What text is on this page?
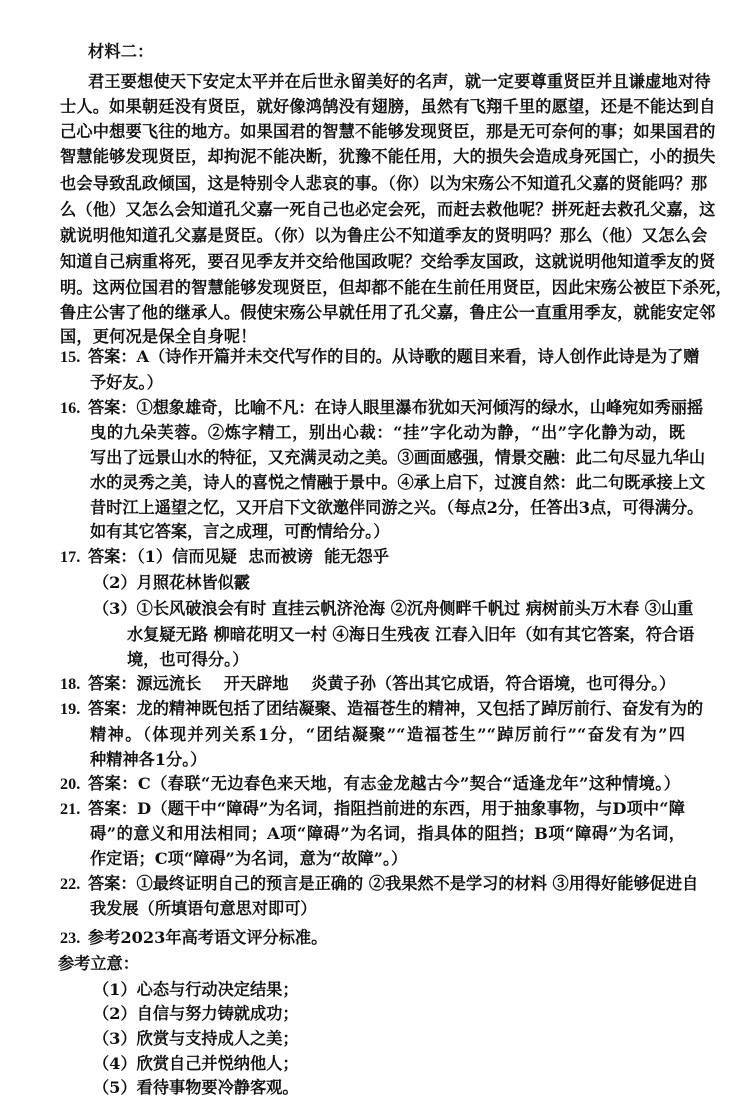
材料二：
君王要想使天下安定太平并在后世永留美好的名声，就一定要尊重贤臣并且谦虚地对待
士人。如果朝廷没有贤臣，就好像鸿鹄没有翅膀，虽然有飞翔千里的愿望，还是不能达到自
己心中想要飞往的地方。如果国君的智慧不能够发现贤臣，那是无可奈何的事；如果国君的
智慧能够发现贤臣，却拘泥不能决断，犹豫不能任用，大的损失会造成身死国亡，小的损失
也会导致乱政倾国，这是特别令人悲哀的事。（你）以为宋殇公不知道孔父嘉的贤能吗？那
么（他）又怎么会知道孔父嘉一死自己也必定会死，而赶去救他呢？拼死赶去救孔父嘉，这
就说明他知道孔父嘉是贤臣。（你）以为鲁庄公不知道季友的贤明吗？那么（他）又怎么会
知道自己病重将死，要召见季友并交给他国政呢？交给季友国政，这就说明他知道季友的贤
明。这两位国君的智慧能够发现贤臣，但却都不能在生前任用贤臣，因此宋殇公被臣下杀死，
鲁庄公害了他的继承人。假使宋殇公早就任用了孔父嘉，鲁庄公一直重用季友，就能安定邻
国，更何况是保全自身呢！
15. 答案：A（诗作开篇并未交代写作的目的。从诗歌的题目来看，诗人创作此诗是为了赠
予好友。）
16. 答案：①想象雄奇，比喻不凡：在诗人眼里瀑布犹如天河倾泻的绿水，山峰宛如秀丽摇
曳的九朵芙蓉。②炼字精工，别出心裁：“挂”字化动为静，“出”字化静为动，既
写出了远景山水的特征，又充满灵动之美。③画面感强，情景交融：此二句尽显九华山
水的灵秀之美，诗人的喜悦之情融于景中。④承上启下，过渡自然：此二句既承接上文
昔时江上遥望之忆，又开启下文欲邀伴同游之兴。（每点2分，任答出3点，可得满分。
如有其它答案，言之成理，可酌情给分。）
17. 答案：（1）信而见疑  忠而被谤  能无怨乎
（2）月照花林皆似霰
（3）①长风破浪会有时 直挂云帆济沧海 ②沉舟侧畔千帆过 病树前头万木春 ③山重
水复疑无路 柳暗花明又一村 ④海日生残夜 江春入旧年（如有其它答案，符合语
境，也可得分。）
18. 答案：源远流长    开天辟地    炎黄子孙（答出其它成语，符合语境，也可得分。）
19. 答案：龙的精神既包括了团结凝聚、造福苍生的精神，又包括了踔厉前行、奋发有为的
精神。（体现并列关系1分，“团结凝聚”“造福苍生”“踔厉前行”“奋发有为”四
种精神各1分。）
20. 答案：C（春联“无边春色来天地，有志金龙越古今”契合“适逢龙年”这种情境。）
21. 答案：D（题干中“障碍”为名词，指阻挡前进的东西，用于抽象事物，与D项中“障
碍”的意义和用法相同；A项“障碍”为名词，指具体的阻挡；B项“障碍”为名词，
作定语；C项“障碍”为名词，意为“故障”。）
22. 答案：①最终证明自己的预言是正确的 ②我果然不是学习的材料 ③用得好能够促进自
我发展（所填语句意思对即可）
23. 参考2023年高考语文评分标准。
参考立意：
（1）心态与行动决定结果；
（2）自信与努力铸就成功；
（3）欣赏与支持成人之美；
（4）欣赏自己并悦纳他人；
（5）看待事物要冷静客观。
